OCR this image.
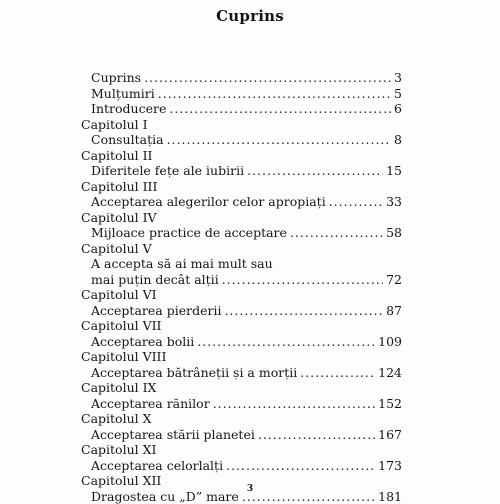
Cuprins
Cuprins .....	3
Mulțumiri .....	5
Introducere .....	6
Capitolul I
Consultația .....	8
Capitolul II
Diferitele fețe ale iubirii .....	15
Capitolul III
Acceptarea alegerilor celor apropiați .....	33
Capitolul IV
Mijloace practice de acceptare .....	58
Capitolul V
A accepta să ai mai mult sau
mai puțin decât alții .....	72
Capitolul VI
Acceptarea pierderii .....	87
Capitolul VII
Acceptarea bolii .....	109
Capitolul VIII
Acceptarea bătrâneții și a morții .....	124
Capitolul IX
Acceptarea rănilor .....	152
Capitolul X
Acceptarea stării planetei .....	167
Capitolul XI
Acceptarea celorlalți .....	173
Capitolul XII
Dragostea cu „D” mare .....	181
3
